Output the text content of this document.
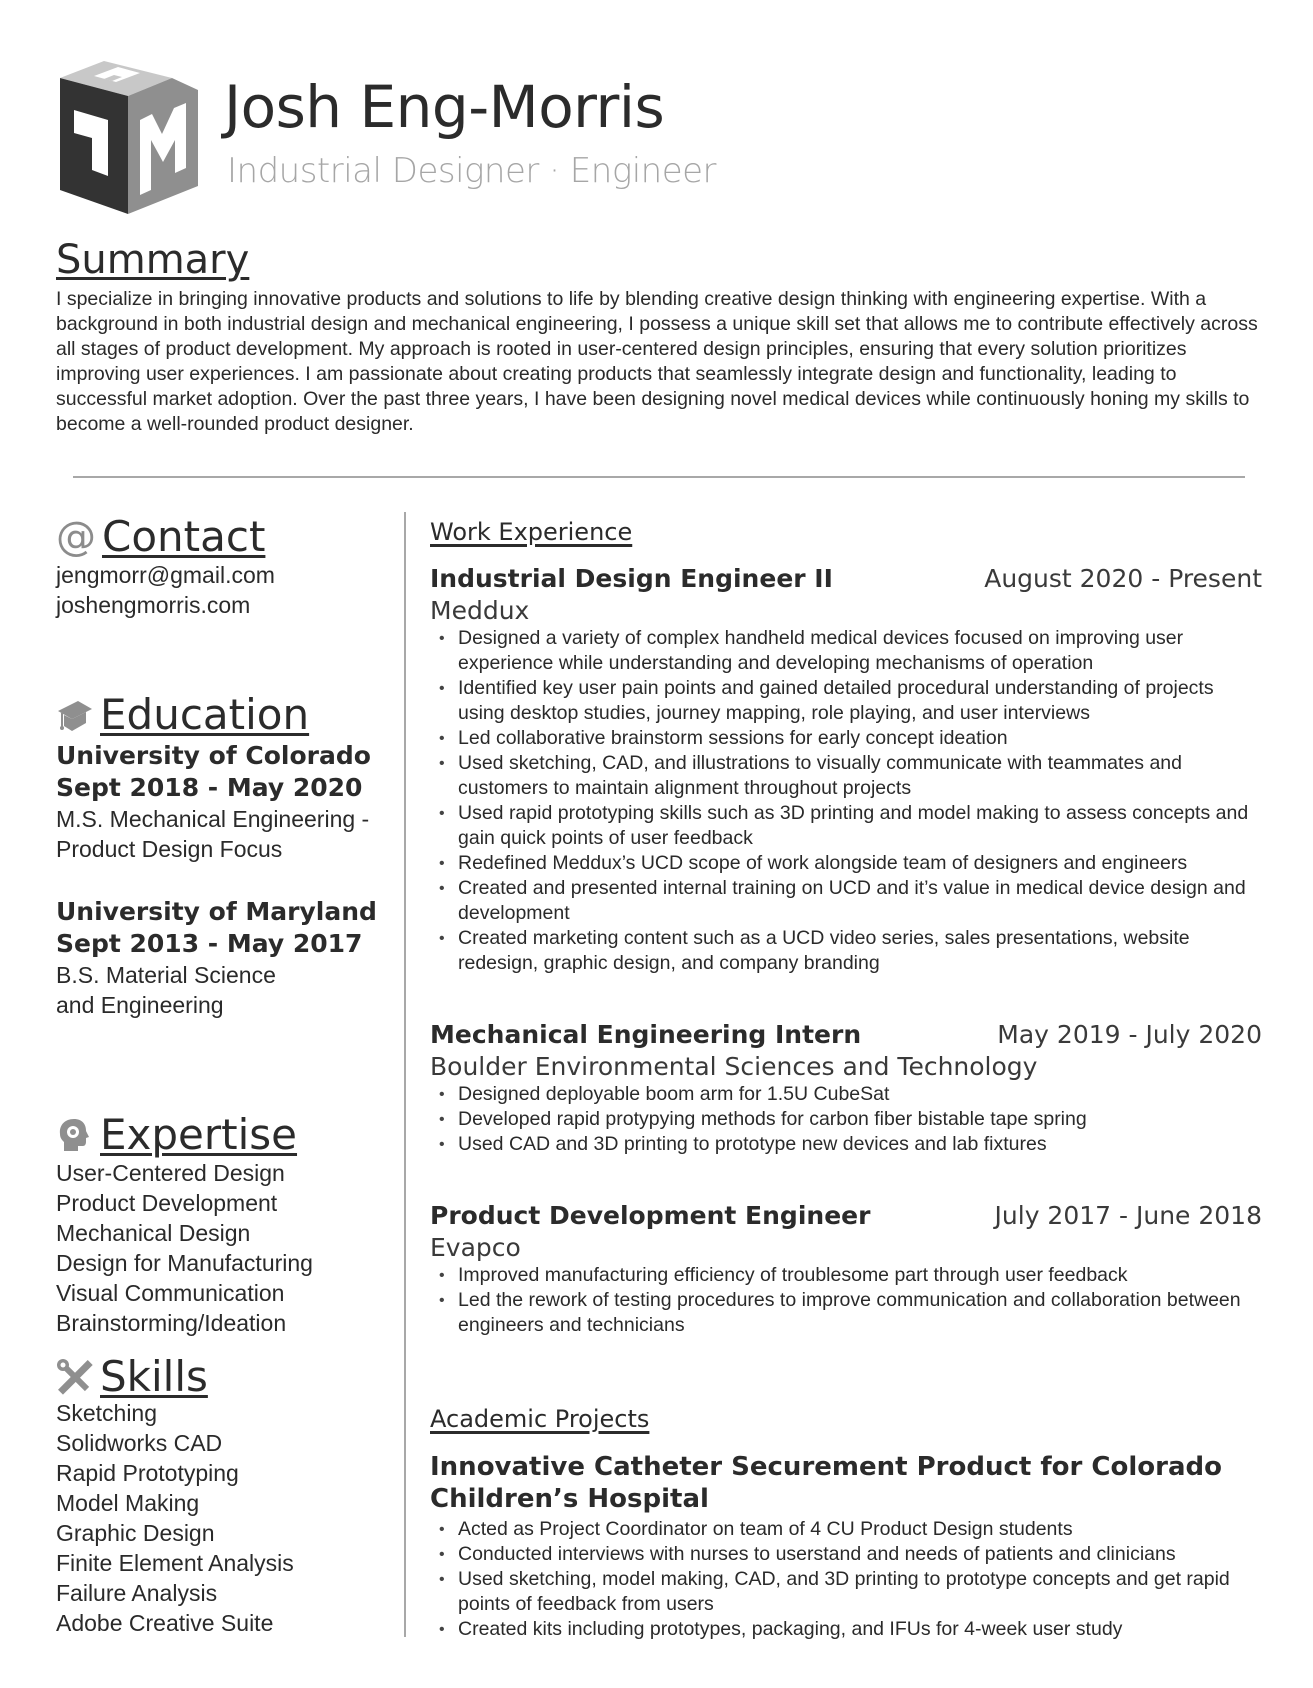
Josh Eng-Morris
Industrial Designer · Engineer
Summary

I specialize in bringing innovative products and solutions to life by blending creative design thinking with engineering expertise. With a background in both industrial design and mechanical engineering, I possess a unique skill set that allows me to contribute effectively across all stages of product development. My approach is rooted in user-centered design principles, ensuring that every solution prioritizes improving user experiences. I am passionate about creating products that seamlessly integrate design and functionality, leading to successful market adoption. Over the past three years, I have been designing novel medical devices while continuously honing my skills to become a well-rounded product designer.

@ Contact
jengmorr@gmail.com
joshengmorris.com
Education
University of Colorado
Sept 2018 - May 2020
M.S. Mechanical Engineering - Product Design Focus
University of Maryland
Sept 2013 - May 2017
B.S. Material Science and Engineering
Expertise
User-Centered Design
Product Development
Mechanical Design
Design for Manufacturing
Visual Communication
Brainstorming/Ideation
Skills
Sketching
Solidworks CAD
Rapid Prototyping
Model Making
Graphic Design
Finite Element Analysis
Failure Analysis
Adobe Creative Suite
Work Experience
Industrial Design Engineer II	August 2020 - Present
Meddux
• Designed a variety of complex handheld medical devices focused on improving user experience while understanding and developing mechanisms of operation
• Identified key user pain points and gained detailed procedural understanding of projects using desktop studies, journey mapping, role playing, and user interviews
• Led collaborative brainstorm sessions for early concept ideation
• Used sketching, CAD, and illustrations to visually communicate with teammates and customers to maintain alignment throughout projects
• Used rapid prototyping skills such as 3D printing and model making to assess concepts and gain quick points of user feedback
• Redefined Meddux’s UCD scope of work alongside team of designers and engineers
• Created and presented internal training on UCD and it’s value in medical device design and development
• Created marketing content such as a UCD video series, sales presentations, website redesign, graphic design, and company branding
Mechanical Engineering Intern	May 2019 - July 2020
Boulder Environmental Sciences and Technology
• Designed deployable boom arm for 1.5U CubeSat
• Developed rapid protypying methods for carbon fiber bistable tape spring
• Used CAD and 3D printing to prototype new devices and lab fixtures
Product Development Engineer	July 2017 - June 2018
Evapco
• Improved manufacturing efficiency of troublesome part through user feedback
• Led the rework of testing procedures to improve communication and collaboration between engineers and technicians
Academic Projects
Innovative Catheter Securement Product for Colorado Children’s Hospital
• Acted as Project Coordinator on team of 4 CU Product Design students
• Conducted interviews with nurses to userstand and needs of patients and clinicians
• Used sketching, model making, CAD, and 3D printing to prototype concepts and get rapid points of feedback from users
• Created kits including prototypes, packaging, and IFUs for 4-week user study
